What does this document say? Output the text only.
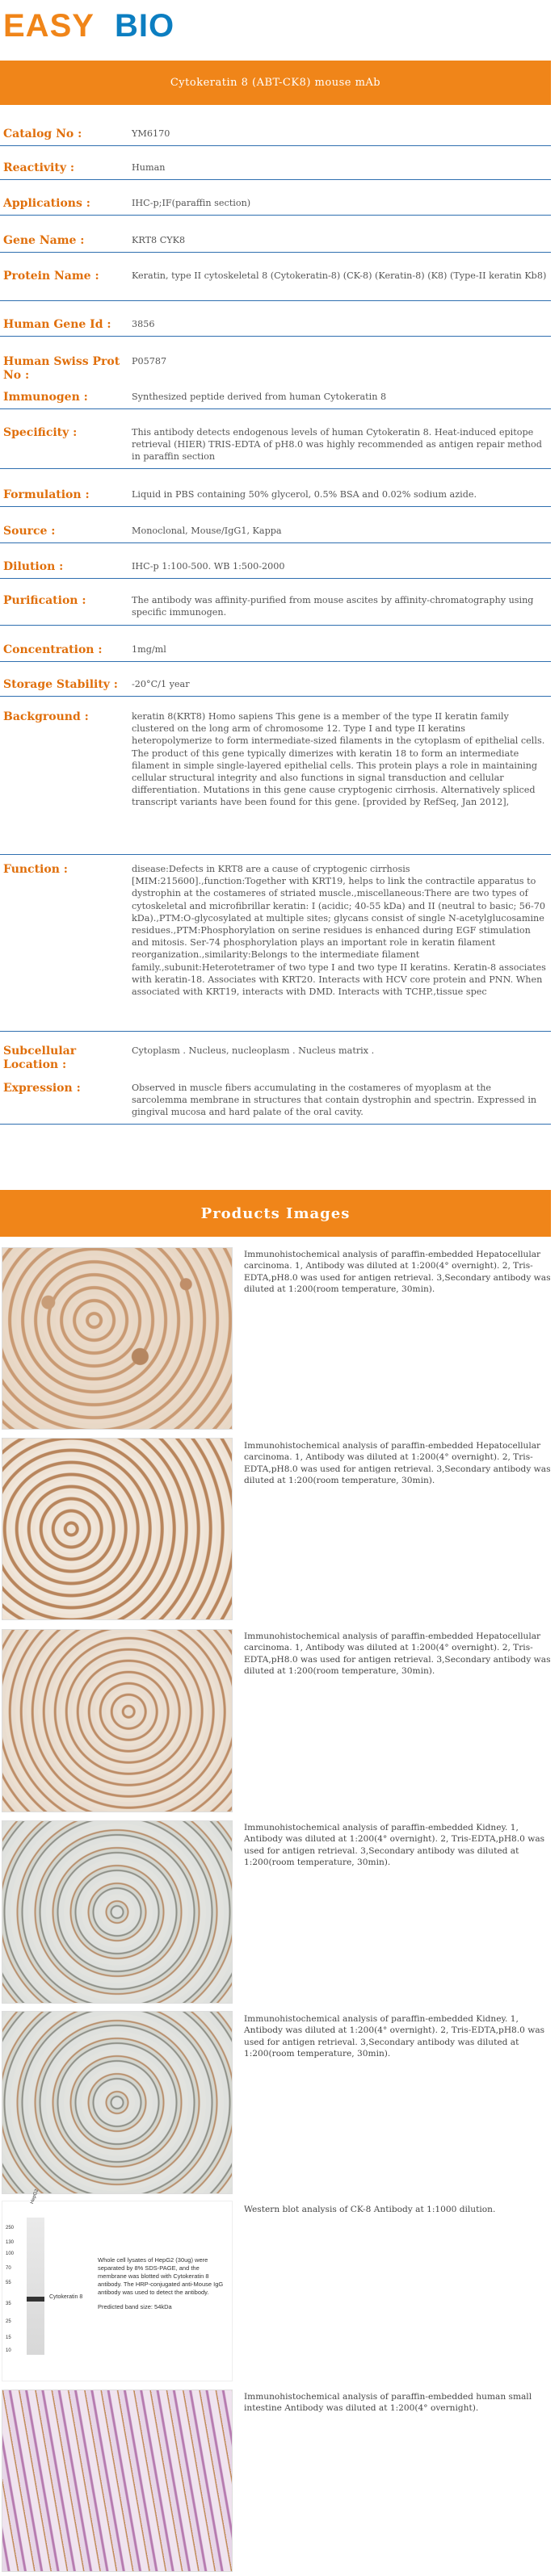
EASY BIO
Cytokeratin 8 (ABT-CK8) mouse mAb
Catalog No :	YM6170
Reactivity :	Human
Applications :	IHC-p;IF(paraffin section)
Gene Name :	KRT8 CYK8
Protein Name :	Keratin, type II cytoskeletal 8 (Cytokeratin-8) (CK-8) (Keratin-8) (K8) (Type-II keratin Kb8)
Human Gene Id :	3856
Human Swiss Prot No :
P05787
Immunogen :	Synthesized peptide derived from human Cytokeratin 8
Specificity :	This antibody detects endogenous levels of human Cytokeratin 8. Heat-induced epitope retrieval (HIER) TRIS-EDTA of pH8.0 was highly recommended as antigen repair method in paraffin section
Formulation :	Liquid in PBS containing 50% glycerol, 0.5% BSA and 0.02% sodium azide.
Source :	Monoclonal, Mouse/IgG1, Kappa
Dilution :	IHC-p 1:100-500. WB 1:500-2000
Purification :	The antibody was affinity-purified from mouse ascites by affinity-chromatography using specific immunogen.
Concentration :	1mg/ml
Storage Stability :	-20°C/1 year
Background :	keratin 8(KRT8) Homo sapiens This gene is a member of the type II keratin family clustered on the long arm of chromosome 12. Type I and type II keratins heteropolymerize to form intermediate-sized filaments in the cytoplasm of epithelial cells. The product of this gene typically dimerizes with keratin 18 to form an intermediate filament in simple single-layered epithelial cells. This protein plays a role in maintaining cellular structural integrity and also functions in signal transduction and cellular differentiation. Mutations in this gene cause cryptogenic cirrhosis. Alternatively spliced transcript variants have been found for this gene. [provided by RefSeq, Jan 2012],
Function :	disease:Defects in KRT8 are a cause of cryptogenic cirrhosis [MIM:215600].,function:Together with KRT19, helps to link the contractile apparatus to dystrophin at the costameres of striated muscle.,miscellaneous:There are two types of cytoskeletal and microfibrillar keratin: I (acidic; 40-55 kDa) and II (neutral to basic; 56-70 kDa).,PTM:O-glycosylated at multiple sites; glycans consist of single N-acetylglucosamine residues.,PTM:Phosphorylation on serine residues is enhanced during EGF stimulation and mitosis. Ser-74 phosphorylation plays an important role in keratin filament reorganization.,similarity:Belongs to the intermediate filament family.,subunit:Heterotetramer of two type I and two type II keratins. Keratin-8 associates with keratin-18. Associates with KRT20. Interacts with HCV core protein and PNN. When associated with KRT19, interacts with DMD. Interacts with TCHP.,tissue spec
Subcellular Location :
Cytoplasm . Nucleus, nucleoplasm . Nucleus matrix .
Expression :	Observed in muscle fibers accumulating in the costameres of myoplasm at the sarcolemma membrane in structures that contain dystrophin and spectrin. Expressed in gingival mucosa and hard palate of the oral cavity.
Products Images
Immunohistochemical analysis of paraffin-embedded Hepatocellular carcinoma. 1, Antibody was diluted at 1:200(4° overnight). 2, Tris-EDTA,pH8.0 was used for antigen retrieval. 3,Secondary antibody was diluted at 1:200(room temperature, 30min).
Immunohistochemical analysis of paraffin-embedded Hepatocellular carcinoma. 1, Antibody was diluted at 1:200(4° overnight). 2, Tris-EDTA,pH8.0 was used for antigen retrieval. 3,Secondary antibody was diluted at 1:200(room temperature, 30min).
Immunohistochemical analysis of paraffin-embedded Hepatocellular carcinoma. 1, Antibody was diluted at 1:200(4° overnight). 2, Tris-EDTA,pH8.0 was used for antigen retrieval. 3,Secondary antibody was diluted at 1:200(room temperature, 30min).
Immunohistochemical analysis of paraffin-embedded Kidney. 1, Antibody was diluted at 1:200(4° overnight). 2, Tris-EDTA,pH8.0 was used for antigen retrieval. 3,Secondary antibody was diluted at 1:200(room temperature, 30min).
Immunohistochemical analysis of paraffin-embedded Kidney. 1, Antibody was diluted at 1:200(4° overnight). 2, Tris-EDTA,pH8.0 was used for antigen retrieval. 3,Secondary antibody was diluted at 1:200(room temperature, 30min).
HepG2
250
130
100
70
55
35
25
15
10
Cytokeratin 8
Whole cell lysates of HepG2 (30ug) were separated by 8% SDS-PAGE, and the membrane was blotted with Cytokeratin 8 antibody. The HRP-conjugated anti-Mouse IgG antibody was used to detect the antibody.
Predicted band size: 54kDa
Western blot analysis of CK-8 Antibody at 1:1000 dilution.
Immunohistochemical analysis of paraffin-embedded human small intestine Antibody was diluted at 1:200(4° overnight).
